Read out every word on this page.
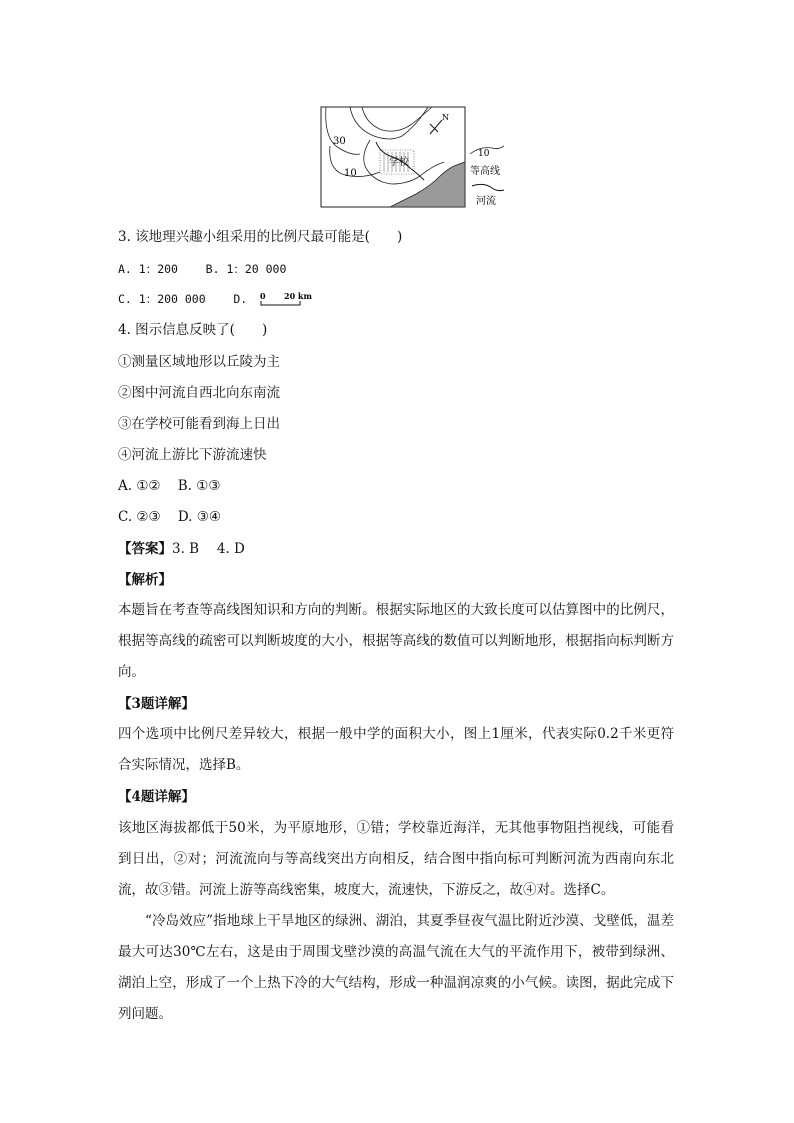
学校
30
10
N
10
等高线
河流
3. 该地理兴趣小组采用的比例尺最可能是(　　)
A. 1：200 B. 1：20 000
C. 1：200 000 D. 0 20 km
4. 图示信息反映了(　　)
①测量区域地形以丘陵为主
②图中河流自西北向东南流
③在学校可能看到海上日出
④河流上游比下游流速快
A. ①② B. ①③
C. ②③ D. ③④
【答案】3. B　 4. D
【解析】
本题旨在考查等高线图知识和方向的判断。根据实际地区的大致长度可以估算图中的比例尺，根据等高线的疏密可以判断坡度的大小，根据等高线的数值可以判断地形，根据指向标判断方向。
【3题详解】
四个选项中比例尺差异较大，根据一般中学的面积大小，图上1厘米，代表实际0.2千米更符合实际情况，选择B。
【4题详解】
该地区海拔都低于50米，为平原地形，①错；学校靠近海洋，无其他事物阻挡视线，可能看到日出，②对；河流流向与等高线突出方向相反，结合图中指向标可判断河流为西南向东北流，故③错。河流上游等高线密集，坡度大，流速快，下游反之，故④对。选择C。
“冷岛效应”指地球上干旱地区的绿洲、湖泊，其夏季昼夜气温比附近沙漠、戈壁低，温差最大可达30℃左右，这是由于周围戈壁沙漠的高温气流在大气的平流作用下，被带到绿洲、湖泊上空，形成了一个上热下冷的大气结构，形成一种温润凉爽的小气候。读图，据此完成下列问题。
